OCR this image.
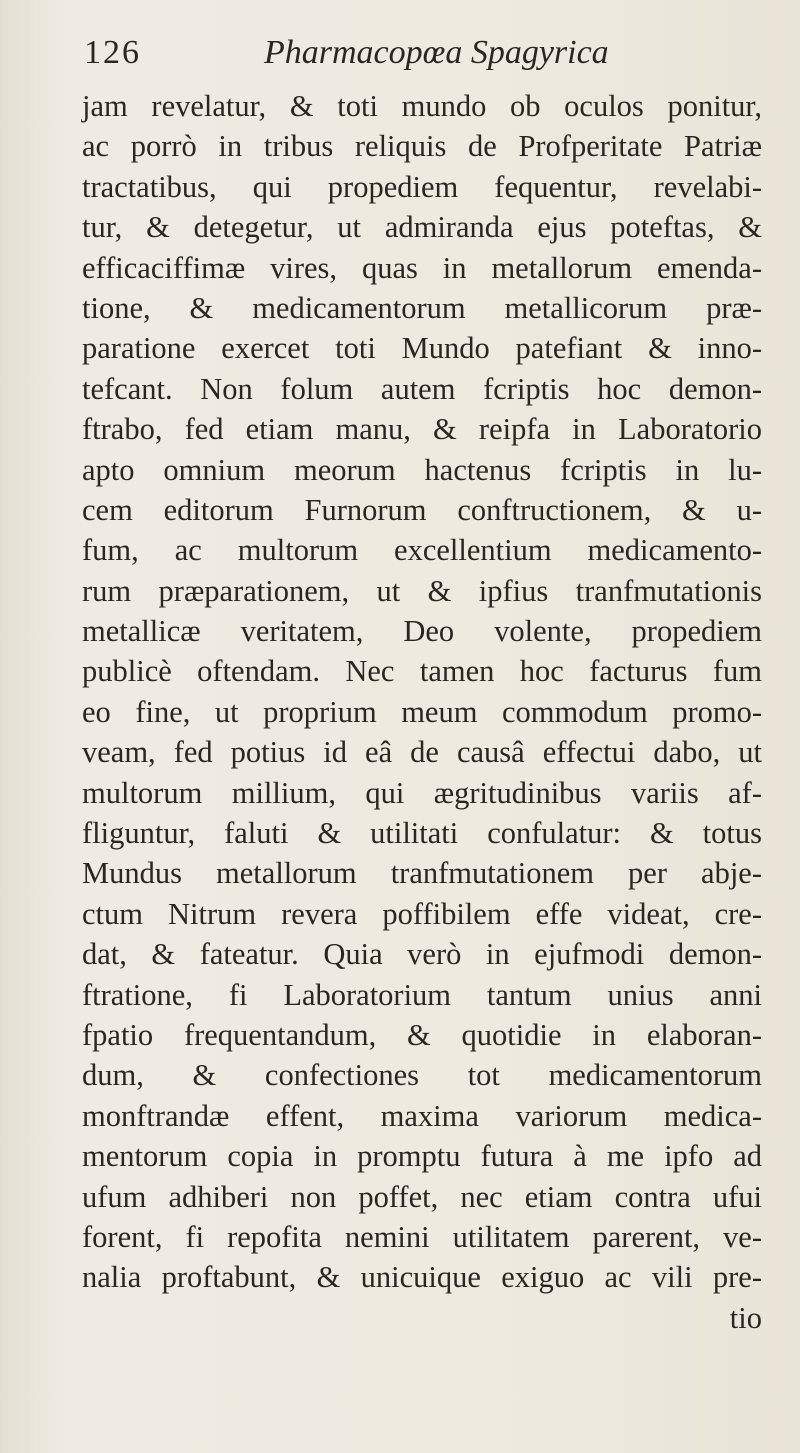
126	Pharmacopœa Spagyrica
jam revelatur, & toti mundo ob oculos ponitur,
ac porrò in tribus reliquis de Profperitate Patriæ
tractatibus, qui propediem fequentur, revelabi-
tur, & detegetur, ut admiranda ejus poteftas, &
efficaciffimæ vires, quas in metallorum emenda-
tione, & medicamentorum metallicorum præ-
paratione exercet toti Mundo patefiant & inno-
tefcant. Non folum autem fcriptis hoc demon-
ftrabo, fed etiam manu, & reipfa in Laboratorio
apto omnium meorum hactenus fcriptis in lu-
cem editorum Furnorum conftructionem, & u-
fum, ac multorum excellentium medicamento-
rum præparationem, ut & ipfius tranfmutationis
metallicæ veritatem, Deo volente, propediem
publicè oftendam. Nec tamen hoc facturus fum
eo fine, ut proprium meum commodum promo-
veam, fed potius id eâ de causâ effectui dabo, ut
multorum millium, qui ægritudinibus variis af-
fliguntur, faluti & utilitati confulatur: & totus
Mundus metallorum tranfmutationem per abje-
ctum Nitrum revera poffibilem effe videat, cre-
dat, & fateatur. Quia verò in ejufmodi demon-
ftratione, fi Laboratorium tantum unius anni
fpatio frequentandum, & quotidie in elaboran-
dum, & confectiones tot medicamentorum
monftrandæ effent, maxima variorum medica-
mentorum copia in promptu futura à me ipfo ad
ufum adhiberi non poffet, nec etiam contra ufui
forent, fi repofita nemini utilitatem parerent, ve-
nalia proftabunt, & unicuique exiguo ac vili pre-
tio
